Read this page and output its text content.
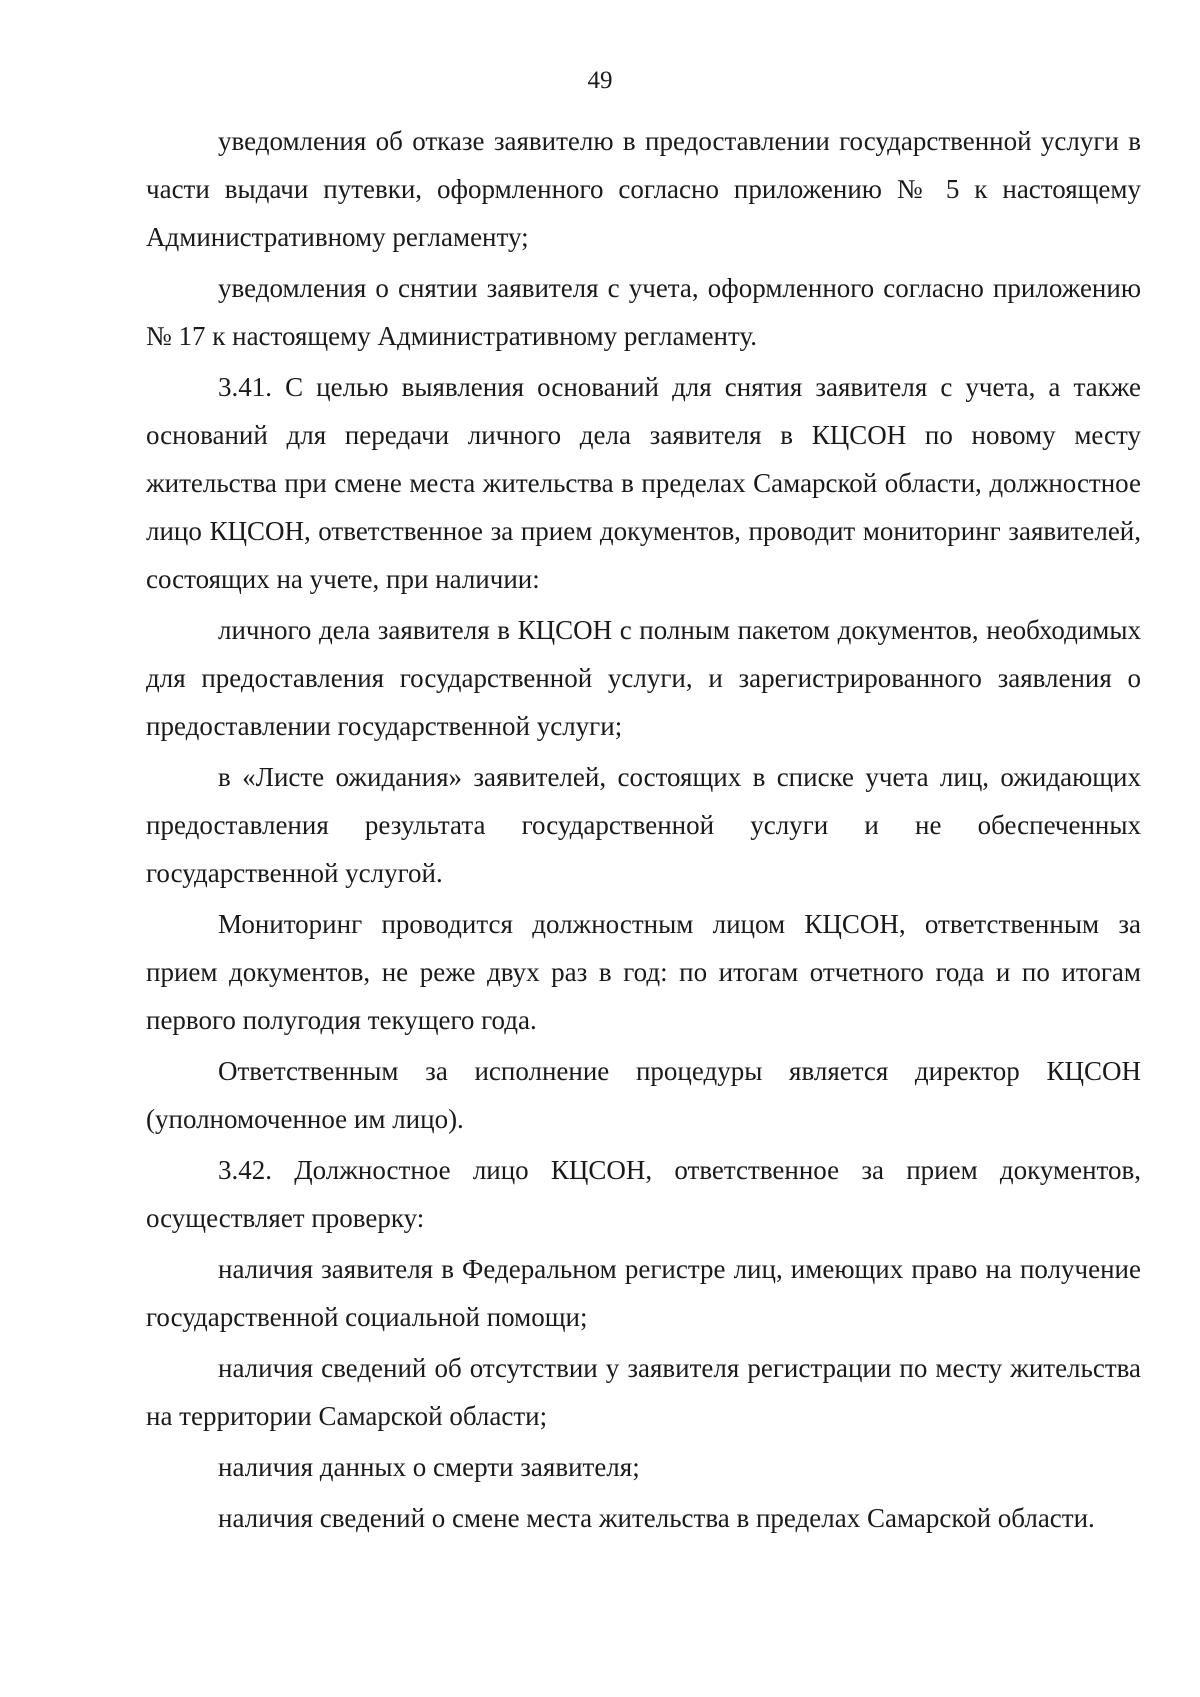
49

уведомления об отказе заявителю в предоставлении государственной услуги в части выдачи путевки, оформленного согласно приложению № 5 к настоящему Административному регламенту;

уведомления о снятии заявителя с учета, оформленного согласно приложению № 17 к настоящему Административному регламенту.

3.41. С целью выявления оснований для снятия заявителя с учета, а также оснований для передачи личного дела заявителя в КЦСОН по новому месту жительства при смене места жительства в пределах Самарской области, должностное лицо КЦСОН, ответственное за прием документов, проводит мониторинг заявителей, состоящих на учете, при наличии:

личного дела заявителя в КЦСОН с полным пакетом документов, необходимых для предоставления государственной услуги, и зарегистрированного заявления о предоставлении государственной услуги;

в «Листе ожидания» заявителей, состоящих в списке учета лиц, ожидающих предоставления результата государственной услуги и не обеспеченных государственной услугой.

Мониторинг проводится должностным лицом КЦСОН, ответственным за прием документов, не реже двух раз в год: по итогам отчетного года и по итогам первого полугодия текущего года.

Ответственным за исполнение процедуры является директор КЦСОН (уполномоченное им лицо).

3.42. Должностное лицо КЦСОН, ответственное за прием документов, осуществляет проверку:

наличия заявителя в Федеральном регистре лиц, имеющих право на получение государственной социальной помощи;

наличия сведений об отсутствии у заявителя регистрации по месту жительства на территории Самарской области;

наличия данных о смерти заявителя;

наличия сведений о смене места жительства в пределах Самарской области.
